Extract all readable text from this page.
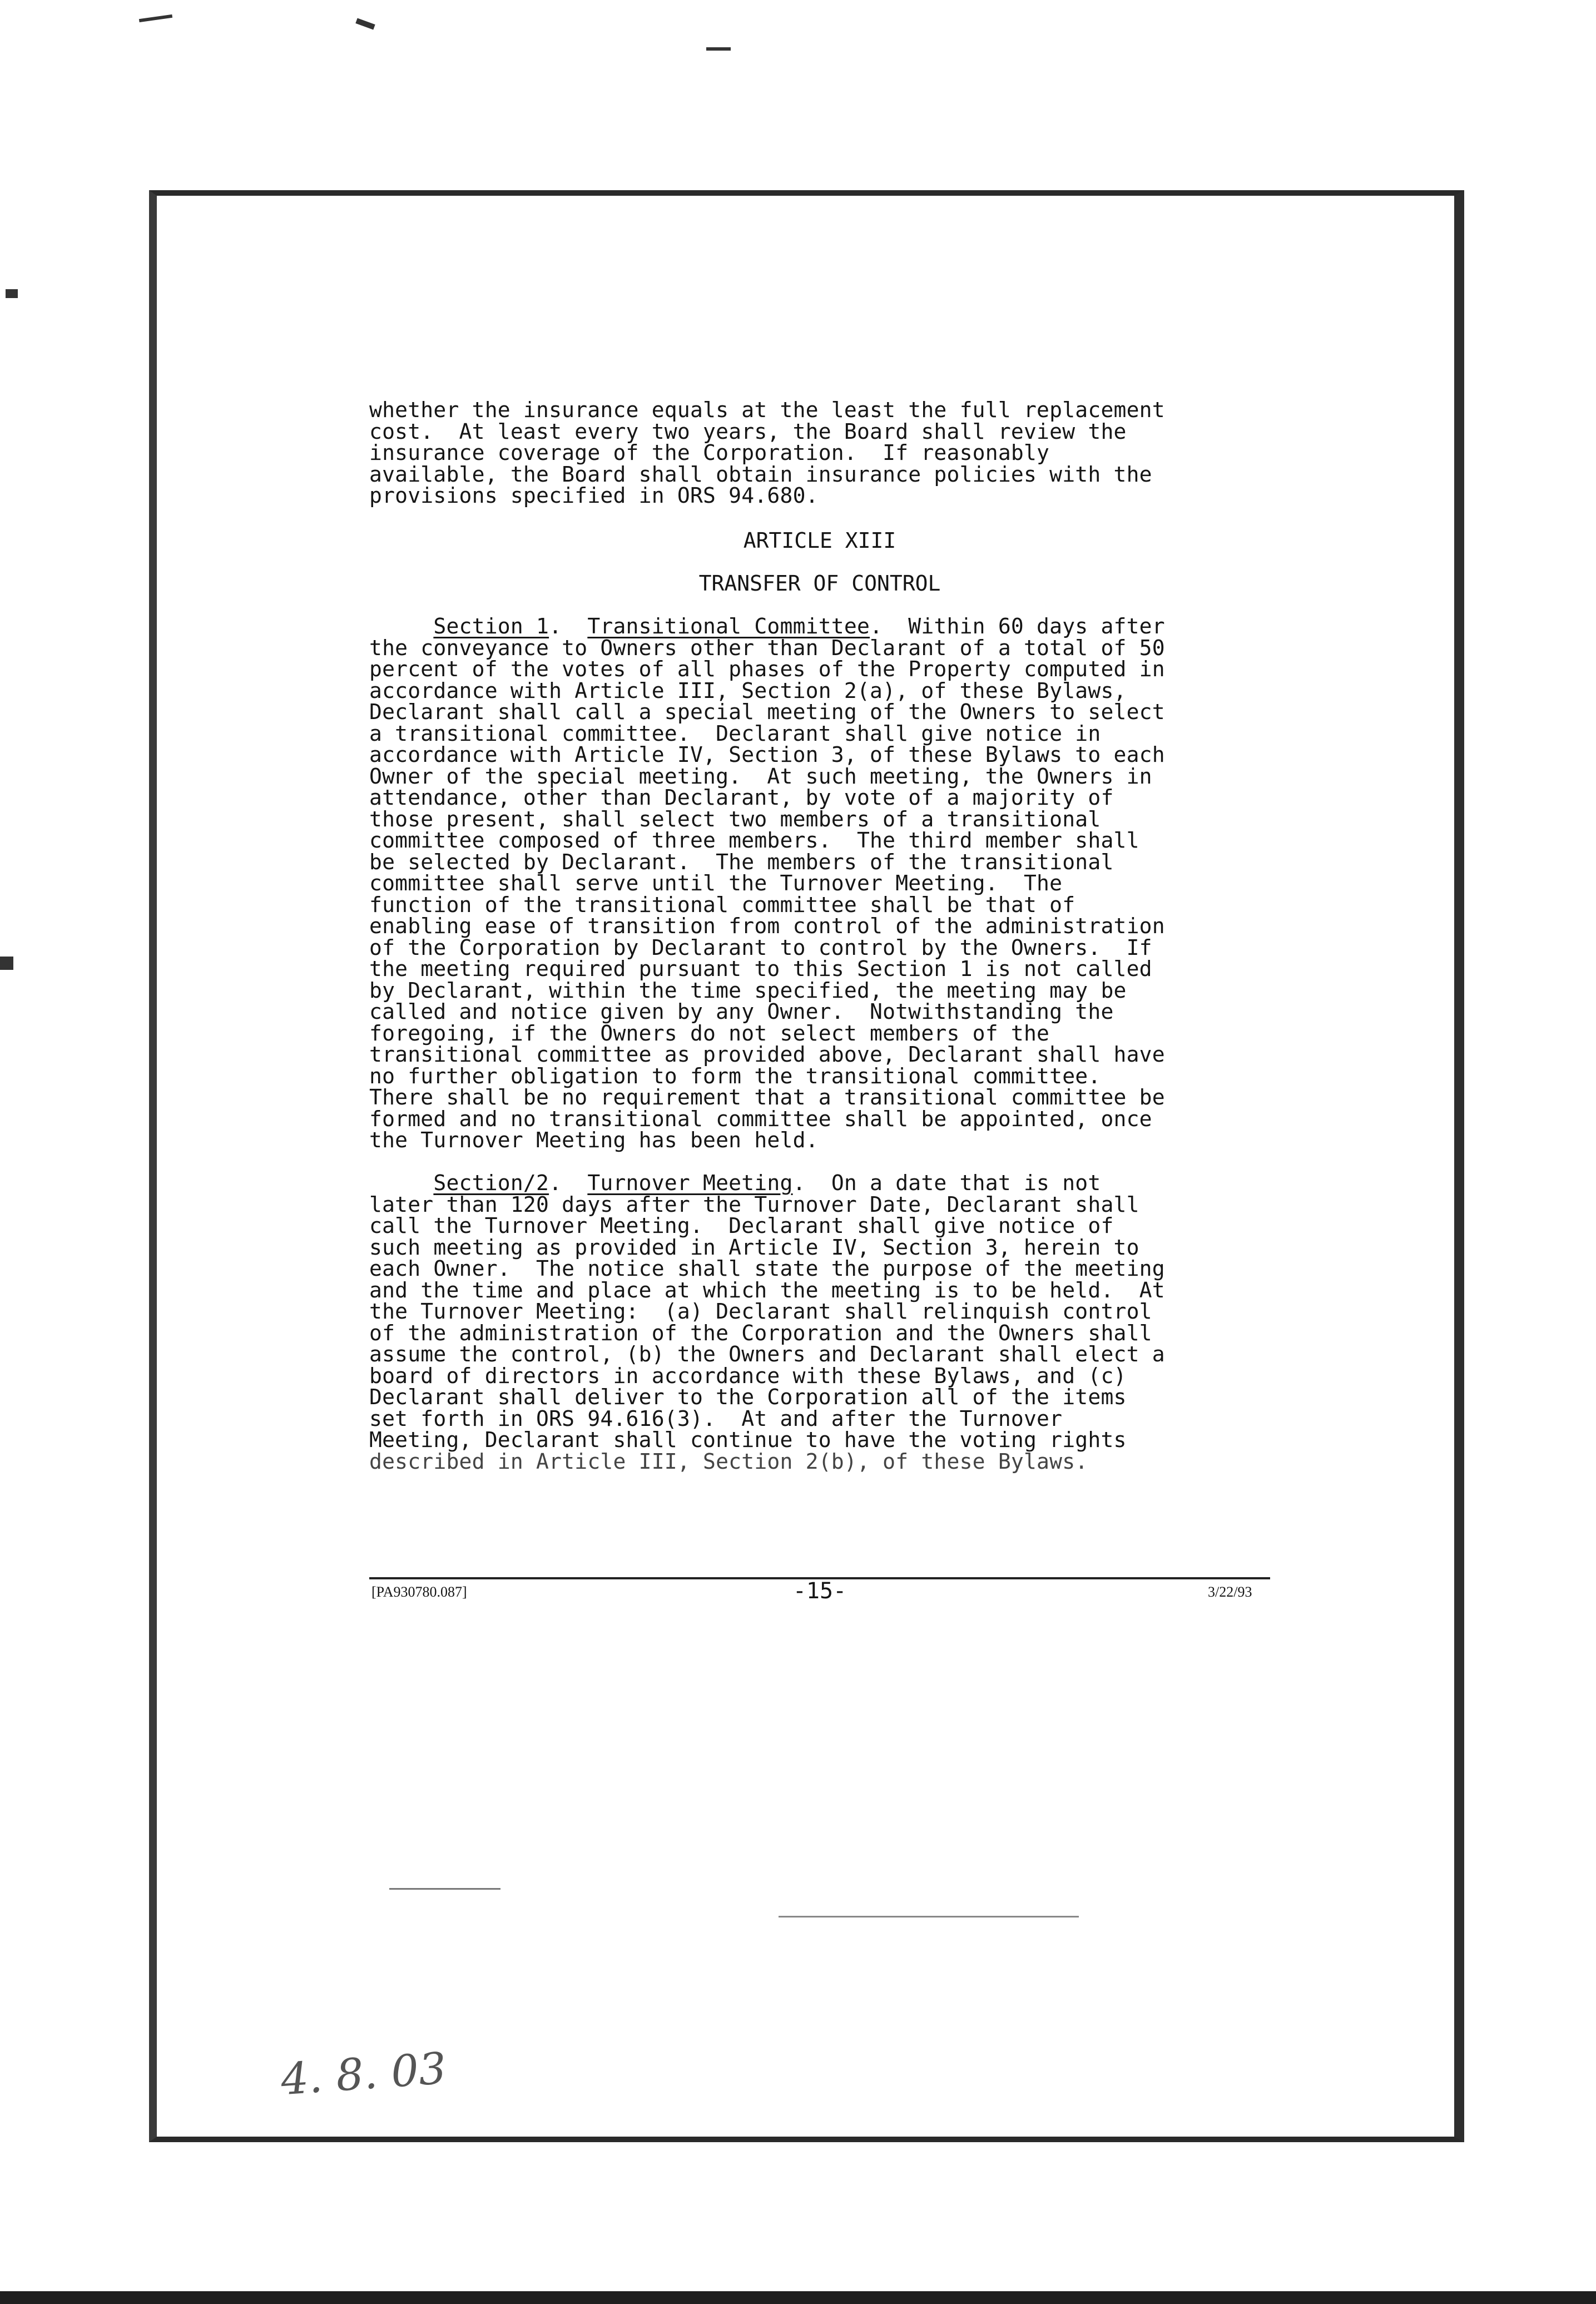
whether the insurance equals at the least the full replacement

cost.  At least every two years, the Board shall review the

insurance coverage of the Corporation.  If reasonably

available, the Board shall obtain insurance policies with the

provisions specified in ORS 94.680.

ARTICLE XIII
TRANSFER OF CONTROL

Section 1.  Transitional Committee.  Within 60 days after

the conveyance to Owners other than Declarant of a total of 50

percent of the votes of all phases of the Property computed in

accordance with Article III, Section 2(a), of these Bylaws,

Declarant shall call a special meeting of the Owners to select

a transitional committee.  Declarant shall give notice in

accordance with Article IV, Section 3, of these Bylaws to each

Owner of the special meeting.  At such meeting, the Owners in

attendance, other than Declarant, by vote of a majority of

those present, shall select two members of a transitional

committee composed of three members.  The third member shall

be selected by Declarant.  The members of the transitional

committee shall serve until the Turnover Meeting.  The

function of the transitional committee shall be that of

enabling ease of transition from control of the administration

of the Corporation by Declarant to control by the Owners.  If

the meeting required pursuant to this Section 1 is not called

by Declarant, within the time specified, the meeting may be

called and notice given by any Owner.  Notwithstanding the

foregoing, if the Owners do not select members of the

transitional committee as provided above, Declarant shall have

no further obligation to form the transitional committee.

There shall be no requirement that a transitional committee be

formed and no transitional committee shall be appointed, once

the Turnover Meeting has been held.

Section/2.  Turnover Meeting.  On a date that is not

later than 120 days after the Turnover Date, Declarant shall

call the Turnover Meeting.  Declarant shall give notice of

such meeting as provided in Article IV, Section 3, herein to

each Owner.  The notice shall state the purpose of the meeting

and the time and place at which the meeting is to be held.  At

the Turnover Meeting:  (a) Declarant shall relinquish control

of the administration of the Corporation and the Owners shall

assume the control, (b) the Owners and Declarant shall elect a

board of directors in accordance with these Bylaws, and (c)

Declarant shall deliver to the Corporation all of the items

set forth in ORS 94.616(3).  At and after the Turnover

Meeting, Declarant shall continue to have the voting rights

described in Article III, Section 2(b), of these Bylaws.

[PA930780.087]	-15-	3/22/93
4. 8. 03
